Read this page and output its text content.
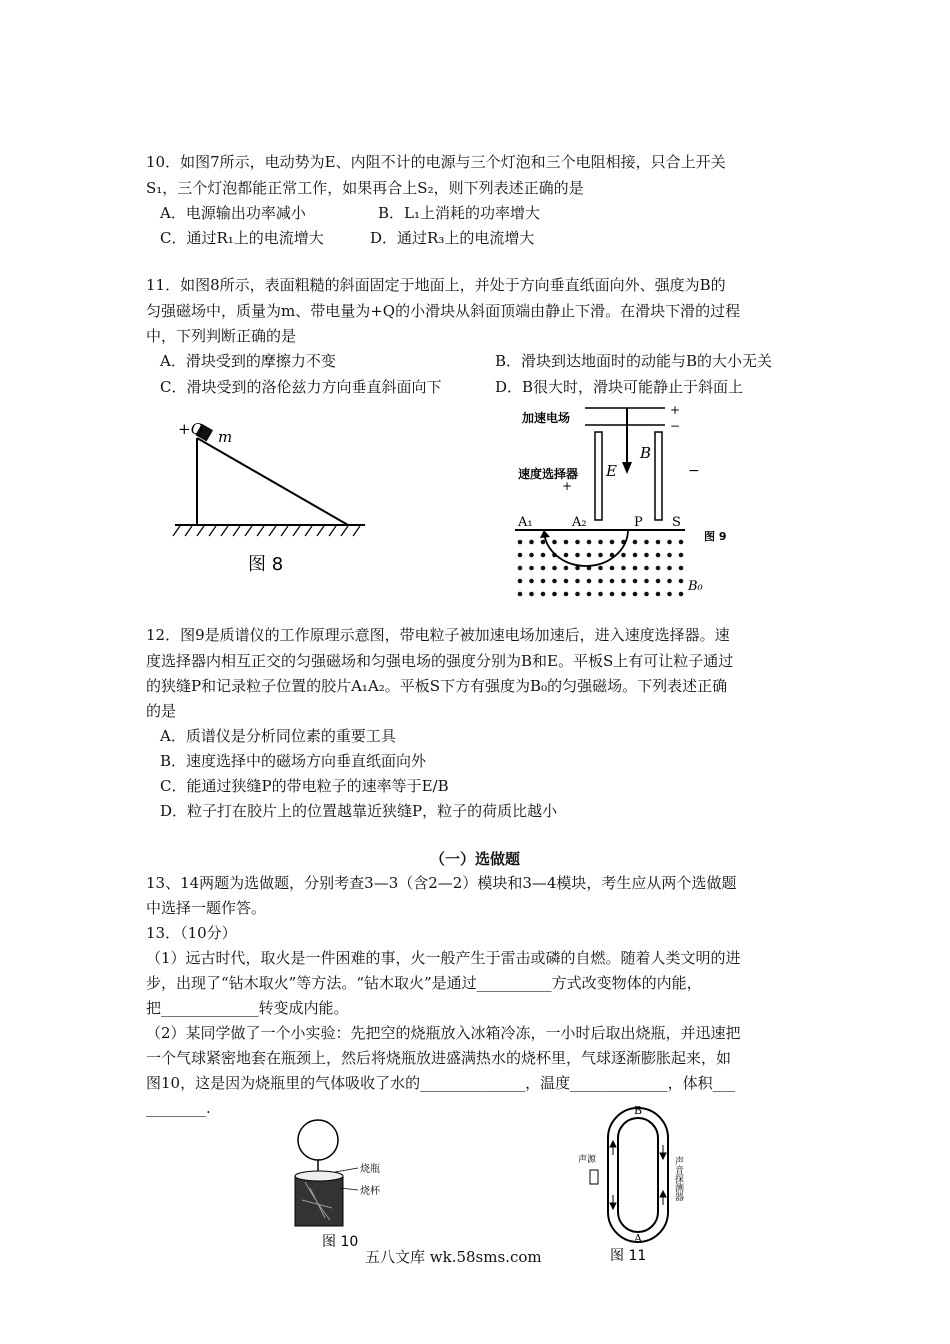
10．如图7所示，电动势为E、内阻不计的电源与三个灯泡和三个电阻相接，只合上开关
S₁，三个灯泡都能正常工作，如果再合上S₂，则下列表述正确的是
A．电源输出功率减小	B．L₁上消耗的功率增大
C．通过R₁上的电流增大	D．通过R₃上的电流增大
11．如图8所示，表面粗糙的斜面固定于地面上，并处于方向垂直纸面向外、强度为B的
匀强磁场中，质量为m、带电量为+Q的小滑块从斜面顶端由静止下滑。在滑块下滑的过程
中，下列判断正确的是
A．滑块受到的摩擦力不变	B．滑块到达地面时的动能与B的大小无关
C．滑块受到的洛伦兹力方向垂直斜面向下	D．B很大时，滑块可能静止于斜面上
+Q m
图 8
加速电场
+
−
速度选择器
+
−
E
B
A₁	A₂	P S
图 9
B₀
12．图9是质谱仪的工作原理示意图，带电粒子被加速电场加速后，进入速度选择器。速
度选择器内相互正交的匀强磁场和匀强电场的强度分别为B和E。平板S上有可让粒子通过
的狭缝P和记录粒子位置的胶片A₁A₂。平板S下方有强度为B₀的匀强磁场。下列表述正确
的是
A．质谱仪是分析同位素的重要工具
B．速度选择中的磁场方向垂直纸面向外
C．能通过狭缝P的带电粒子的速率等于E/B
D．粒子打在胶片上的位置越靠近狭缝P，粒子的荷质比越小
（一）选做题
13、14两题为选做题，分别考查3—3（含2—2）模块和3—4模块，考生应从两个选做题
中选择一题作答。
13．（10分）
（1）远古时代，取火是一件困难的事，火一般产生于雷击或磷的自燃。随着人类文明的进
步，出现了“钻木取火”等方法。“钻木取火”是通过__________方式改变物体的内能，
把_____________转变成内能。
（2）某同学做了一个小实验：先把空的烧瓶放入冰箱冷冻，一小时后取出烧瓶，并迅速把
一个气球紧密地套在瓶颈上，然后将烧瓶放进盛满热水的烧杯里，气球逐渐膨胀起来，如
图10，这是因为烧瓶里的气体吸收了水的______________，温度_____________，体积___
________.
烧瓶
烧杯
图 10
B
A
声源	声音探测器
图 11
五八文库 wk.58sms.com
